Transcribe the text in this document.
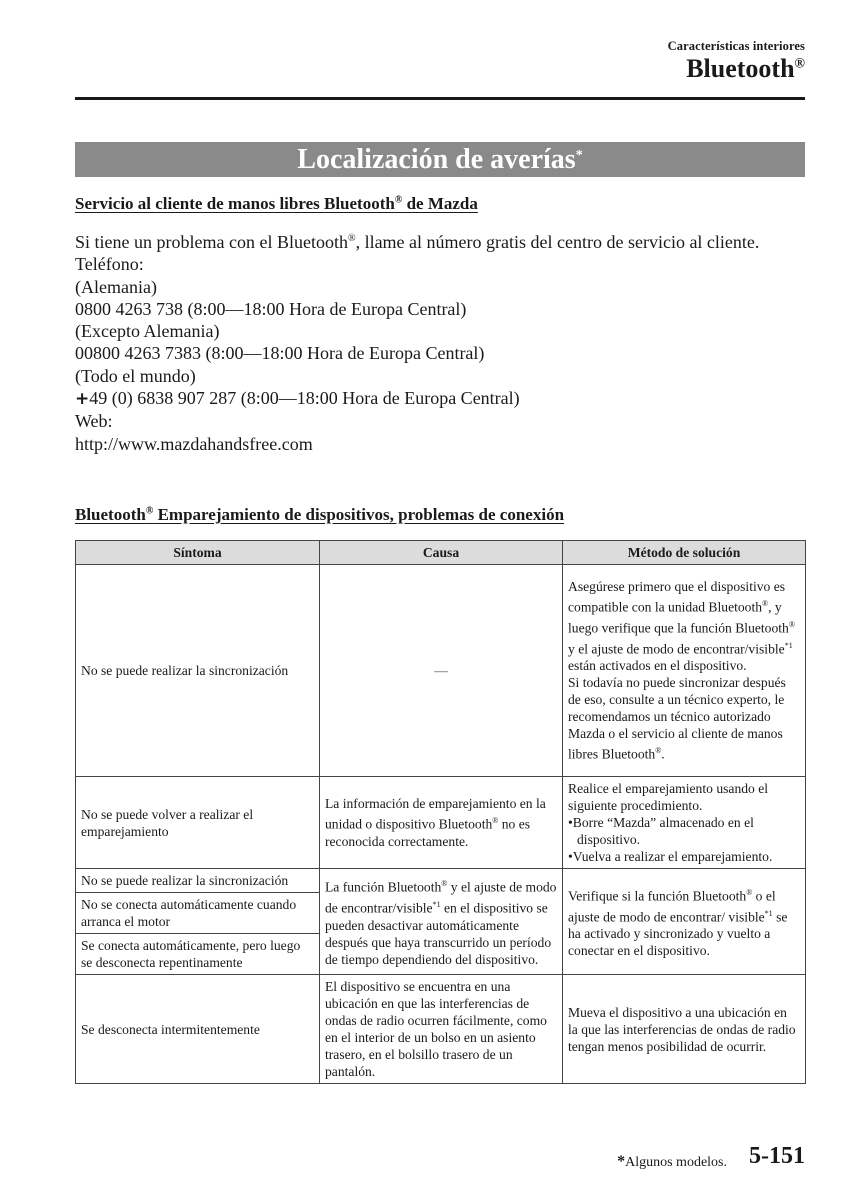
Características interiores
Bluetooth®
Localización de averías*
Servicio al cliente de manos libres Bluetooth® de Mazda
Si tiene un problema con el Bluetooth®, llame al número gratis del centro de servicio al cliente.
Teléfono:
(Alemania)
0800 4263 738 (8:00—18:00 Hora de Europa Central)
(Excepto Alemania)
00800 4263 7383 (8:00—18:00 Hora de Europa Central)
(Todo el mundo)
+49 (0) 6838 907 287 (8:00—18:00 Hora de Europa Central)
Web:
http://www.mazdahandsfree.com
Bluetooth® Emparejamiento de dispositivos, problemas de conexión
Síntoma	Causa	Método de solución
No se puede realizar la sincronización	—	Asegúrese primero que el dispositivo es compatible con la unidad Bluetooth®, y luego verifique que la función Bluetooth® y el ajuste de modo de encontrar/visible$^{*1}$ están activados en el dispositivo.
Si todavía no puede sincronizar después de eso, consulte a un técnico experto, le recomendamos un técnico autorizado Mazda o el servicio al cliente de manos libres Bluetooth®.
No se puede volver a realizar el emparejamiento	La información de emparejamiento en la unidad o dispositivo Bluetooth® no es reconocida correctamente.	Realice el emparejamiento usando el siguiente procedimiento.
•Borre “Mazda” almacenado en el dispositivo.
•Vuelva a realizar el emparejamiento.

No se puede realizar la sincronización	La función Bluetooth® y el ajuste de modo de encontrar/visible$^{*1}$ en el dispositivo se pueden desactivar automáticamente después que haya transcurrido un período de tiempo dependiendo del dispositivo.	Verifique si la función Bluetooth® o el ajuste de modo de encontrar/ visible$^{*1}$ se ha activado y sincronizado y vuelto a conectar en el dispositivo.
No se conecta automáticamente cuando arranca el motor		
Se conecta automáticamente, pero luego se desconecta repentinamente		
Se desconecta intermitentemente	El dispositivo se encuentra en una ubicación en que las interferencias de ondas de radio ocurren fácilmente, como en el interior de un bolso en un asiento trasero, en el bolsillo trasero de un pantalón.	Mueva el dispositivo a una ubicación en la que las interferencias de ondas de radio tengan menos posibilidad de ocurrir.
*Algunos modelos. 5-151
